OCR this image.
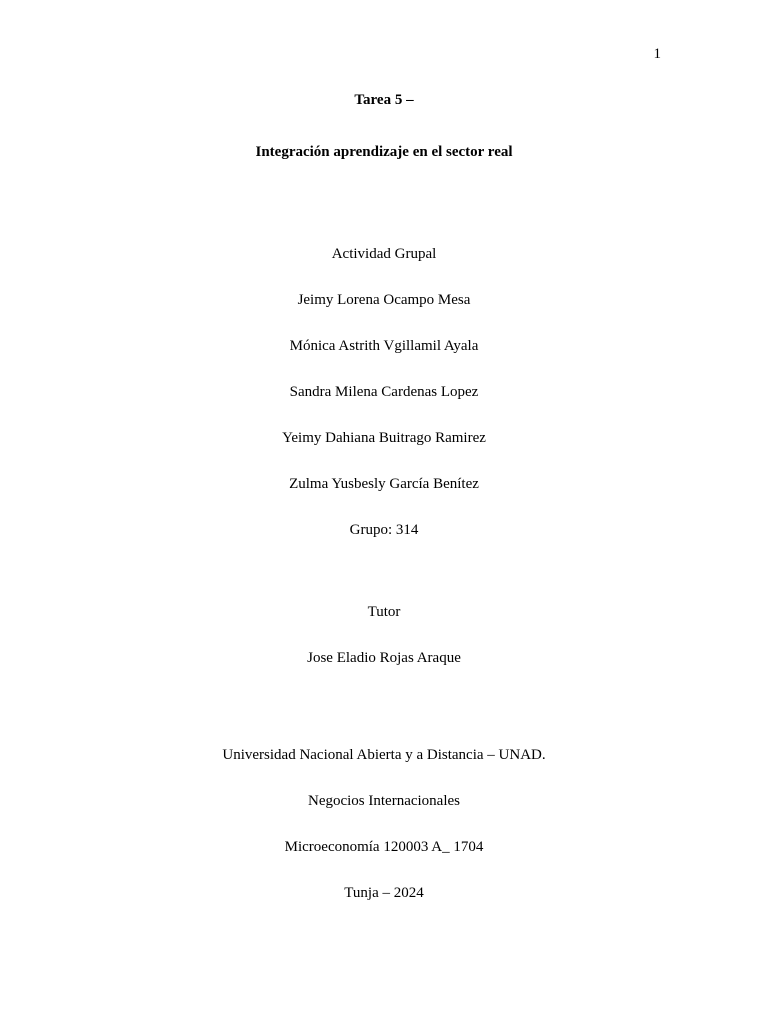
1
Tarea 5 –
Integración aprendizaje en el sector real
Actividad Grupal
Jeimy Lorena Ocampo Mesa
Mónica Astrith Vgillamil Ayala
Sandra Milena Cardenas Lopez
Yeimy Dahiana Buitrago Ramirez
Zulma Yusbesly García Benítez
Grupo: 314
Tutor
Jose Eladio Rojas Araque
Universidad Nacional Abierta y a Distancia – UNAD.
Negocios Internacionales
Microeconomía 120003 A_ 1704
Tunja – 2024
